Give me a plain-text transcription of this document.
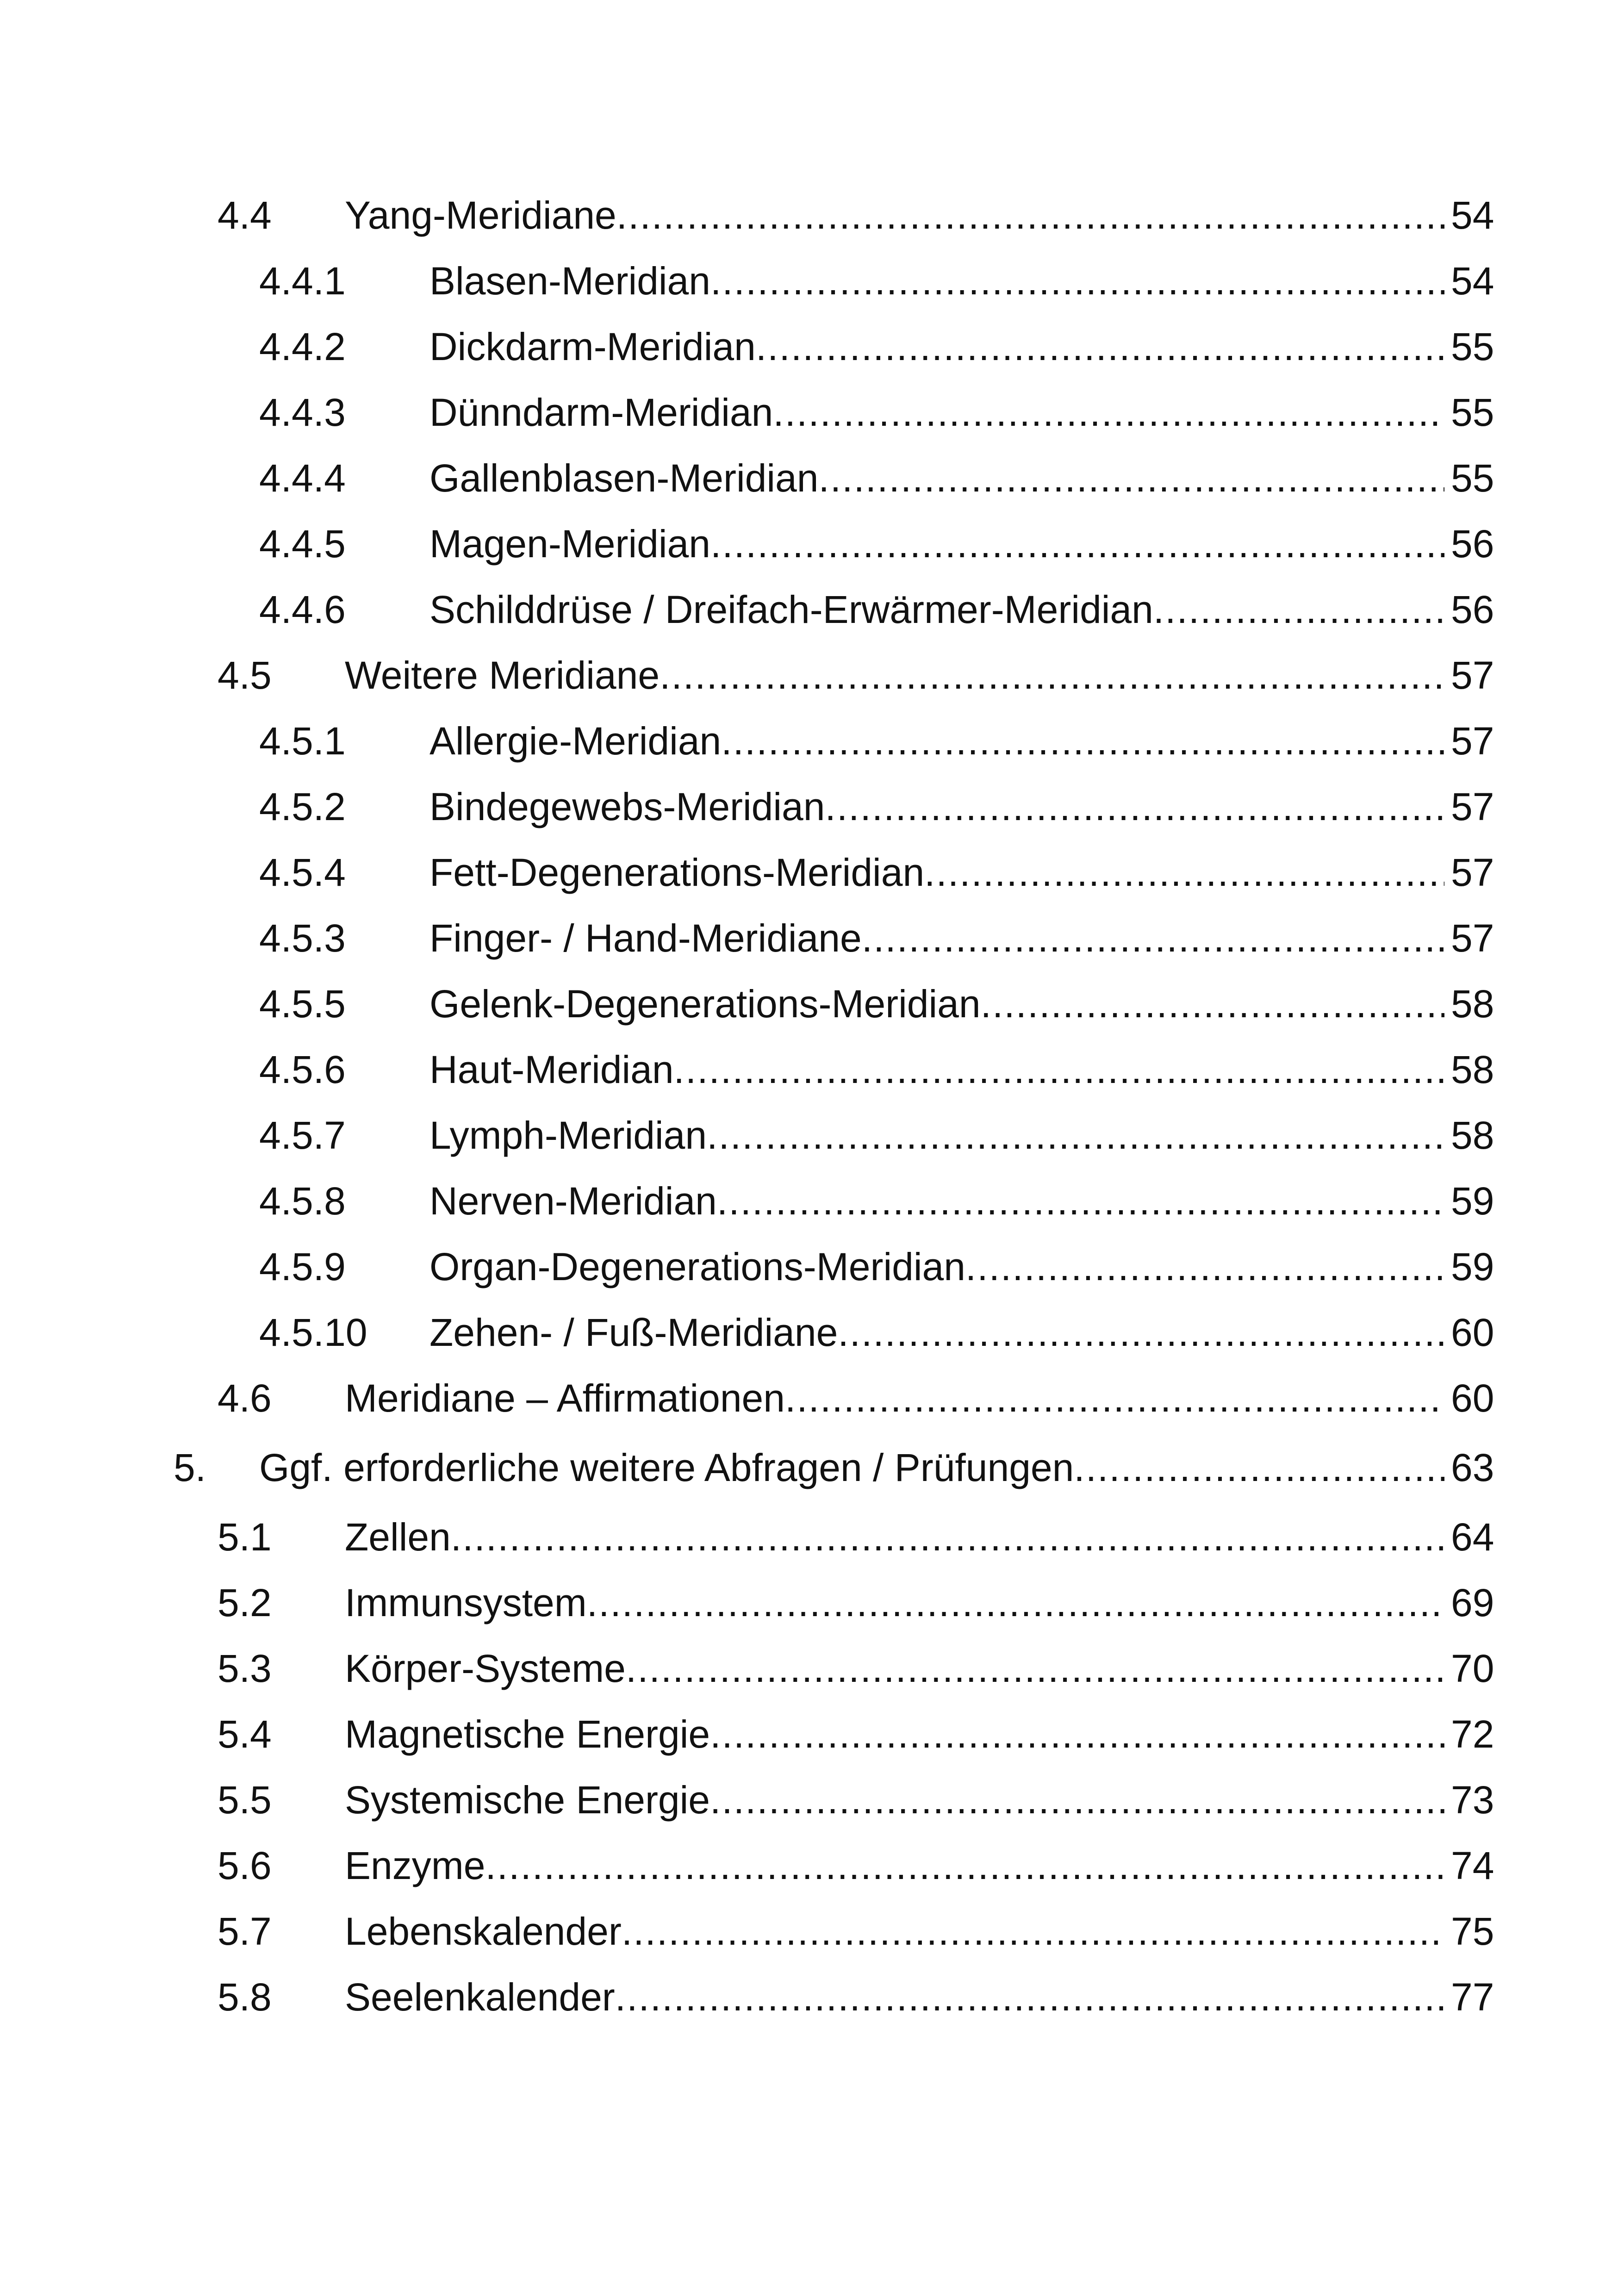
4.4 Yang-Meridiane .....	54
4.4.1 Blasen-Meridian .....	54
4.4.2 Dickdarm-Meridian .....	55
4.4.3 Dünndarm-Meridian .....	55
4.4.4 Gallenblasen-Meridian .....	55
4.4.5 Magen-Meridian .....	56
4.4.6 Schilddrüse / Dreifach-Erwärmer-Meridian .....	56
4.5 Weitere Meridiane .....	57
4.5.1 Allergie-Meridian .....	57
4.5.2 Bindegewebs-Meridian .....	57
4.5.4 Fett-Degenerations-Meridian .....	57
4.5.3 Finger- / Hand-Meridiane .....	57
4.5.5 Gelenk-Degenerations-Meridian .....	58
4.5.6 Haut-Meridian .....	58
4.5.7 Lymph-Meridian .....	58
4.5.8 Nerven-Meridian .....	59
4.5.9 Organ-Degenerations-Meridian .....	59
4.5.10 Zehen- / Fuß-Meridiane .....	60
4.6 Meridiane – Affirmationen .....	60
5. Ggf. erforderliche weitere Abfragen / Prüfungen .....	63
5.1 Zellen .....	64
5.2 Immunsystem .....	69
5.3 Körper-Systeme .....	70
5.4 Magnetische Energie .....	72
5.5 Systemische Energie .....	73
5.6 Enzyme .....	74
5.7 Lebenskalender .....	75
5.8 Seelenkalender .....	77
